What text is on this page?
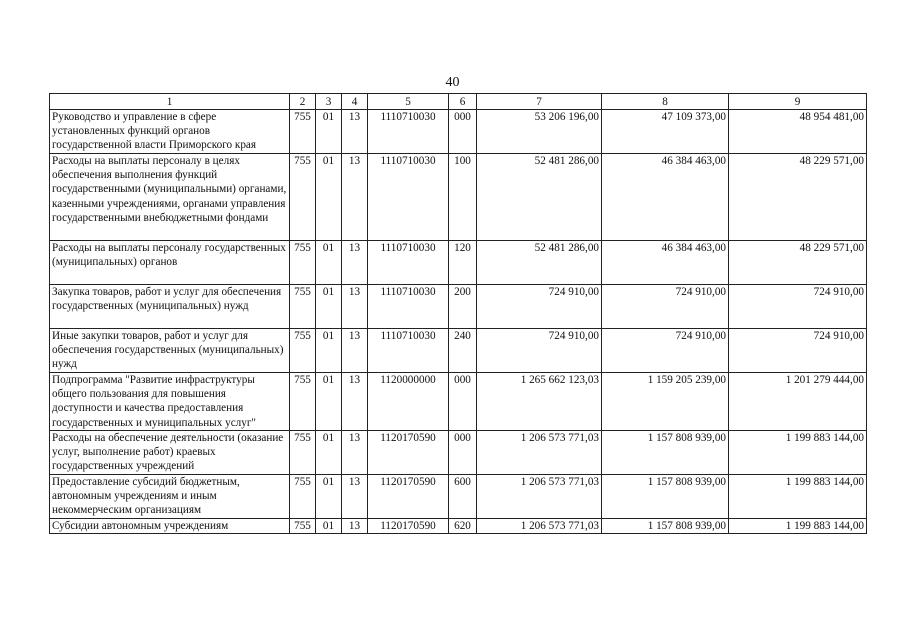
40
1	2	3	4	5	6	7	8	9
Руководство и управление в сфере установленных функций органов государственной власти Приморского края	755	01	13	1110710030	000	53 206 196,00	47 109 373,00	48 954 481,00
Расходы на выплаты персоналу в целях обеспечения выполнения функций государственными (муниципальными) органами, казенными учреждениями, органами управления государственными внебюджетными фондами	755	01	13	1110710030	100	52 481 286,00	46 384 463,00	48 229 571,00
Расходы на выплаты персоналу государственных (муниципальных) органов	755	01	13	1110710030	120	52 481 286,00	46 384 463,00	48 229 571,00
Закупка товаров, работ и услуг для обеспечения государственных (муниципальных) нужд	755	01	13	1110710030	200	724 910,00	724 910,00	724 910,00
Иные закупки товаров, работ и услуг для обеспечения государственных (муниципальных) нужд	755	01	13	1110710030	240	724 910,00	724 910,00	724 910,00
Подпрограмма "Развитие инфраструктуры общего пользования для повышения доступности и качества предоставления государственных и муниципальных услуг"	755	01	13	1120000000	000	1 265 662 123,03	1 159 205 239,00	1 201 279 444,00
Расходы на обеспечение деятельности (оказание услуг, выполнение работ) краевых государственных учреждений	755	01	13	1120170590	000	1 206 573 771,03	1 157 808 939,00	1 199 883 144,00
Предоставление субсидий бюджетным, автономным учреждениям и иным некоммерческим организациям	755	01	13	1120170590	600	1 206 573 771,03	1 157 808 939,00	1 199 883 144,00
Субсидии автономным учреждениям	755	01	13	1120170590	620	1 206 573 771,03	1 157 808 939,00	1 199 883 144,00
